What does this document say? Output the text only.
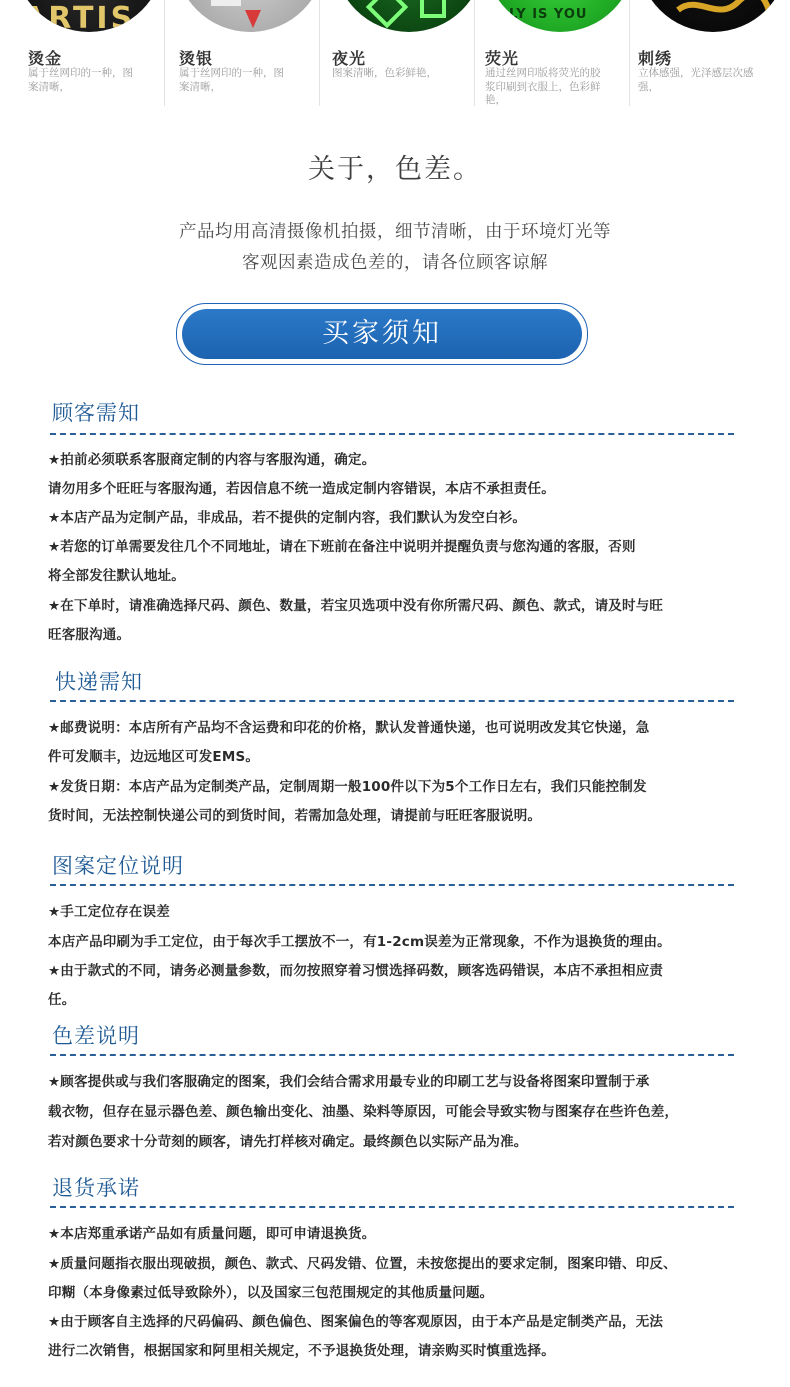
ARTIS
烫金
属于丝网印的一种，图
案清晰，
烫银
属于丝网印的一种，图
案清晰，
夜光
图案清晰，色彩鲜艳，
LY IS YOU
荧光
通过丝网印版将荧光的胶
浆印刷到衣服上，色彩鲜
艳，
刺绣
立体感强，光泽感层次感
强，
关于，色差。
产品均用高清摄像机拍摄，细节清晰，由于环境灯光等
客观因素造成色差的，请各位顾客谅解
买家须知
顾客需知
★拍前必须联系客服商定制的内容与客服沟通，确定。
请勿用多个旺旺与客服沟通，若因信息不统一造成定制内容错误，本店不承担责任。
★本店产品为定制产品，非成品，若不提供的定制内容，我们默认为发空白衫。
★若您的订单需要发往几个不同地址，请在下班前在备注中说明并提醒负责与您沟通的客服，否则
将全部发往默认地址。
★在下单时，请准确选择尺码、颜色、数量，若宝贝选项中没有你所需尺码、颜色、款式，请及时与旺
旺客服沟通。
快递需知
★邮费说明：本店所有产品均不含运费和印花的价格，默认发普通快递，也可说明改发其它快递，急
件可发顺丰，边远地区可发EMS。
★发货日期：本店产品为定制类产品，定制周期一般100件以下为5个工作日左右，我们只能控制发
货时间，无法控制快递公司的到货时间，若需加急处理，请提前与旺旺客服说明。
图案定位说明
★手工定位存在误差
本店产品印刷为手工定位，由于每次手工摆放不一，有1-2cm误差为正常现象，不作为退换货的理由。
★由于款式的不同，请务必测量参数，而勿按照穿着习惯选择码数，顾客选码错误，本店不承担相应责
任。
色差说明
★顾客提供或与我们客服确定的图案，我们会结合需求用最专业的印刷工艺与设备将图案印置制于承
载衣物，但存在显示器色差、颜色输出变化、油墨、染料等原因，可能会导致实物与图案存在些许色差，
若对颜色要求十分苛刻的顾客，请先打样核对确定。最终颜色以实际产品为准。
退货承诺
★本店郑重承诺产品如有质量问题，即可申请退换货。
★质量问题指衣服出现破损，颜色、款式、尺码发错、位置，未按您提出的要求定制，图案印错、印反、
印糊（本身像素过低导致除外），以及国家三包范围规定的其他质量问题。
★由于顾客自主选择的尺码偏码、颜色偏色、图案偏色的等客观原因，由于本产品是定制类产品，无法
进行二次销售，根据国家和阿里相关规定，不予退换货处理，请亲购买时慎重选择。
